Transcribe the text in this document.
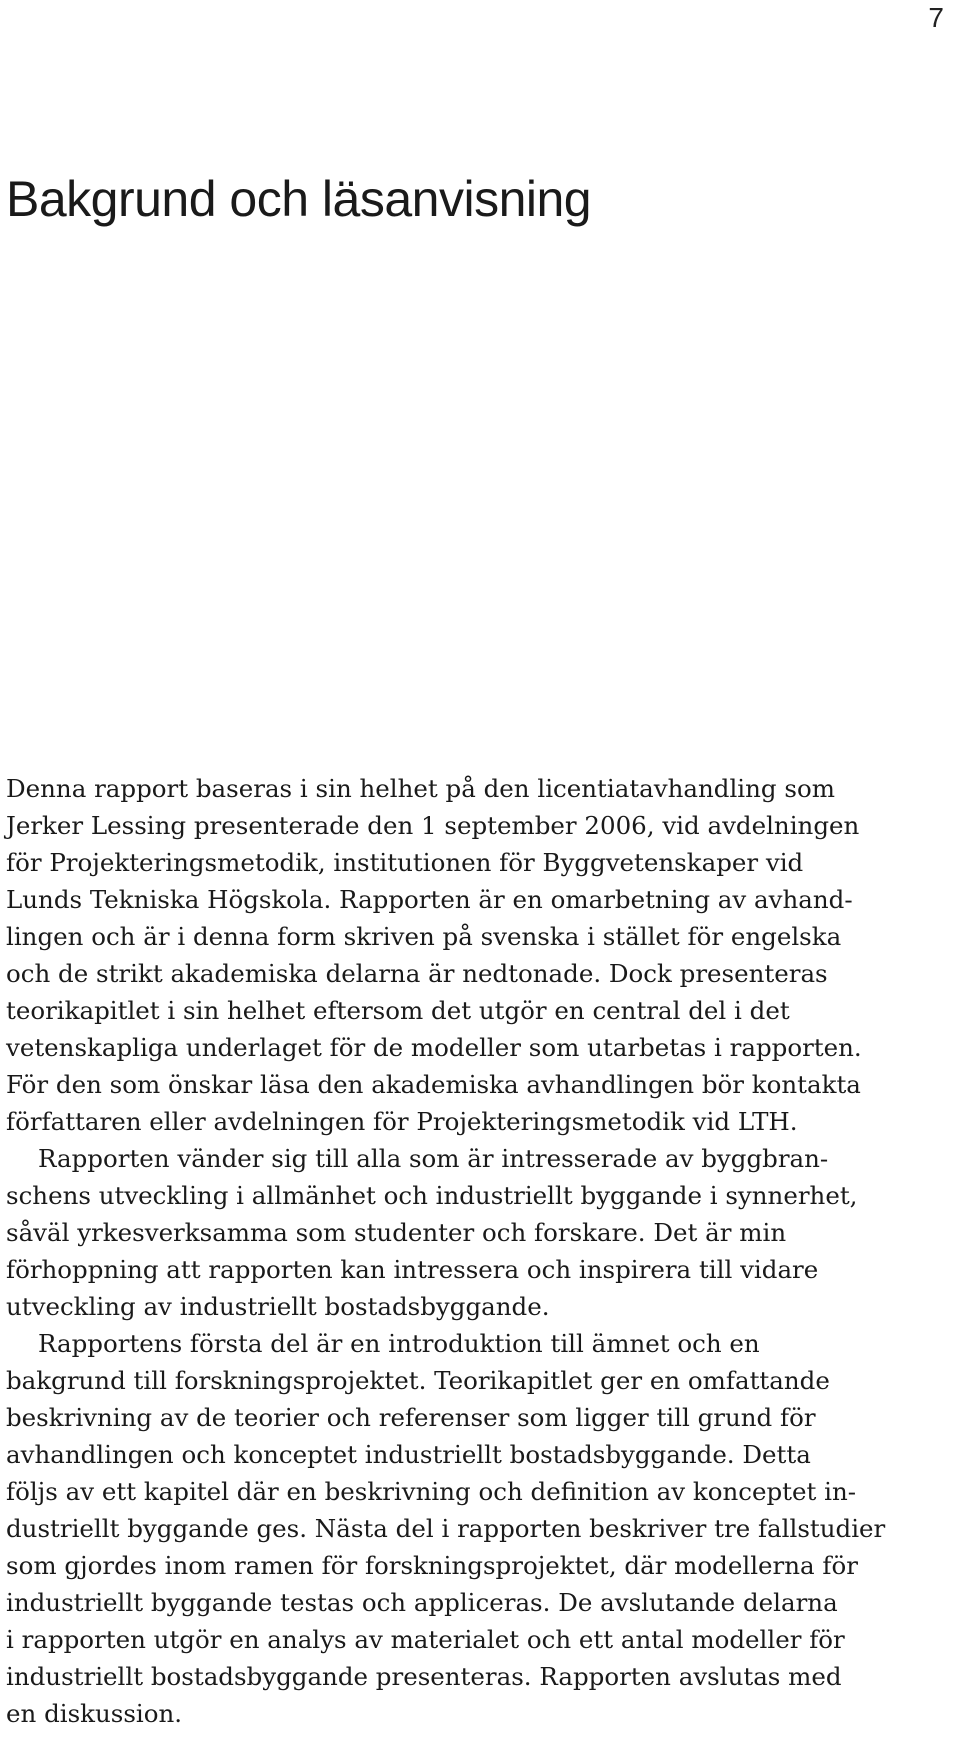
7
Bakgrund och läsanvisning
Denna rapport baseras i sin helhet på den licentiatavhandling som
Jerker Lessing presenterade den 1 september 2006, vid avdelningen
för Projekteringsmetodik, institutionen för Byggvetenskaper vid
Lunds Tekniska Högskola. Rapporten är en omarbetning av avhand-
lingen och är i denna form skriven på svenska i stället för engelska
och de strikt akademiska delarna är nedtonade. Dock presenteras
teorikapitlet i sin helhet eftersom det utgör en central del i det
vetenskapliga underlaget för de modeller som utarbetas i rapporten.
För den som önskar läsa den akademiska avhandlingen bör kontakta
författaren eller avdelningen för Projekteringsmetodik vid LTH.
Rapporten vänder sig till alla som är intresserade av byggbran-
schens utveckling i allmänhet och industriellt byggande i synnerhet,
såväl yrkesverksamma som studenter och forskare. Det är min
förhoppning att rapporten kan intressera och inspirera till vidare
utveckling av industriellt bostadsbyggande.
Rapportens första del är en introduktion till ämnet och en
bakgrund till forskningsprojektet. Teorikapitlet ger en omfattande
beskrivning av de teorier och referenser som ligger till grund för
avhandlingen och konceptet industriellt bostadsbyggande. Detta
följs av ett kapitel där en beskrivning och definition av konceptet in-
dustriellt byggande ges. Nästa del i rapporten beskriver tre fallstudier
som gjordes inom ramen för forskningsprojektet, där modellerna för
industriellt byggande testas och appliceras. De avslutande delarna
i rapporten utgör en analys av materialet och ett antal modeller för
industriellt bostadsbyggande presenteras. Rapporten avslutas med
en diskussion.
